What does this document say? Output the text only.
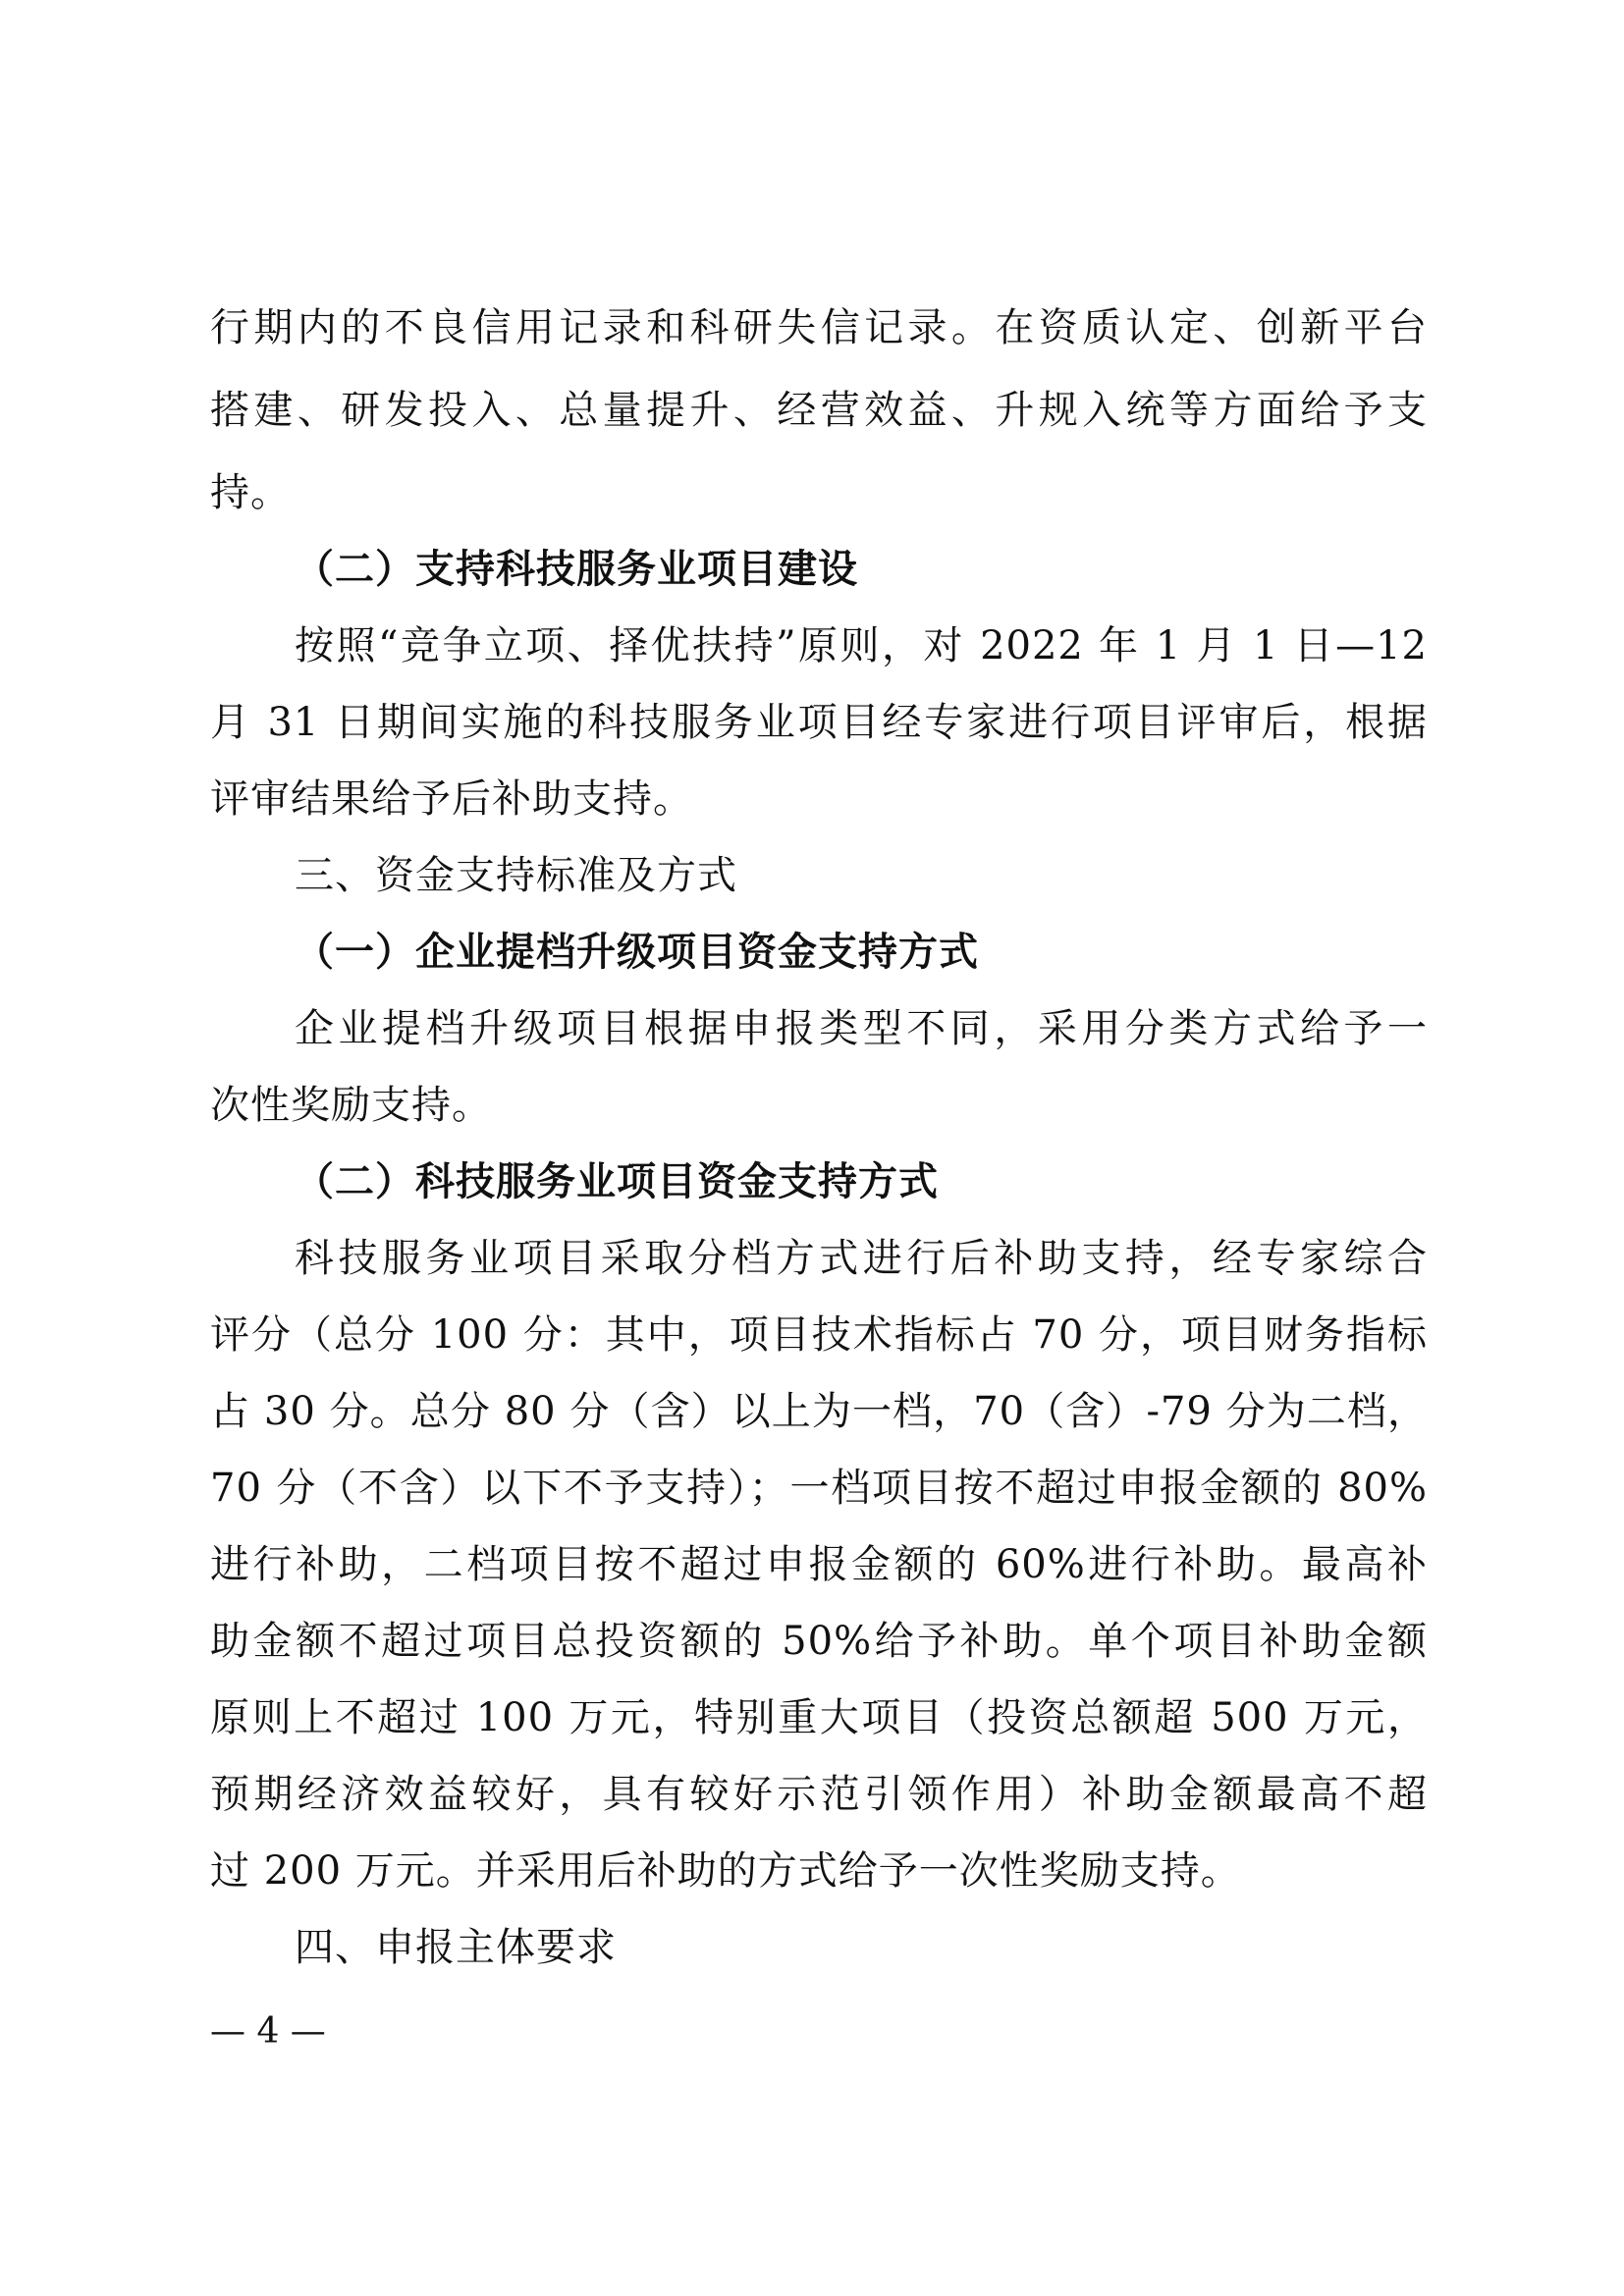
行期内的不良信用记录和科研失信记录。在资质认定、创新平台
搭建、研发投入、总量提升、经营效益、升规入统等方面给予支
持。
（二）支持科技服务业项目建设
按照“竞争立项、择优扶持”原则，对 2022 年 1 月 1 日—12
月 31 日期间实施的科技服务业项目经专家进行项目评审后，根据
评审结果给予后补助支持。
三、资金支持标准及方式
（一）企业提档升级项目资金支持方式
企业提档升级项目根据申报类型不同，采用分类方式给予一
次性奖励支持。
（二）科技服务业项目资金支持方式
科技服务业项目采取分档方式进行后补助支持，经专家综合
评分（总分 100 分：其中，项目技术指标占 70 分，项目财务指标
占 30 分。总分 80 分（含）以上为一档，70（含）-79 分为二档，
70 分（不含）以下不予支持）；一档项目按不超过申报金额的 80%
进行补助，二档项目按不超过申报金额的 60%进行补助。最高补
助金额不超过项目总投资额的 50%给予补助。单个项目补助金额
原则上不超过 100 万元，特别重大项目（投资总额超 500 万元，
预期经济效益较好，具有较好示范引领作用）补助金额最高不超
过 200 万元。并采用后补助的方式给予一次性奖励支持。
四、申报主体要求
— 4 —
